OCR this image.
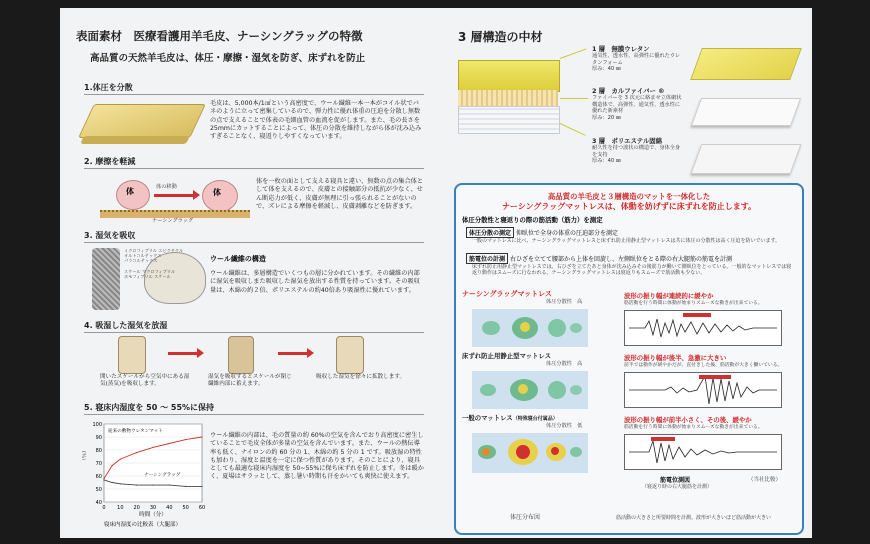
表面素材　医療看護用羊毛皮、ナーシングラッグの特徴
高品質の天然羊毛皮は、体圧・摩擦・湿気を防ぎ、床ずれを防止
1.体圧を分散
毛皮は、5,000本/1㎠という高密度で、ウール繊維一本一本がコイル状でバネのように立って密集しているので、弾力性に優れ体重の圧迫を分散し無数の点で支えることで体表の毛細血管の血流を促がします。また、毛の長さを25mmにカットすることによって、体圧の分散を維持しながら体が沈み込みすぎることなく、寝返りしやすくなっています。
2. 摩擦を軽減
体	体の移動
体
ナーシングラッグ
体を一枚の面として支える寝具と違い、無数の点の集合体として体を支えるので、皮膚との接触部分の抵抗が少なく、せん断応力が低く、皮膚が無理に引っ張られることがないので、ズレによる摩擦を軽減し、皮膚剥離などを防ぎます。
3. 湿気を吸収
ミクロフィブリル エピクチクル
オルトコルテックス
パラコルテックス

スケール マクロフィブリル
ホモフィブリル スケール
ウール繊維の構造
ウール繊維は、多層構造でいくつもの層に分かれています。その繊維の内部に湿気を吸収しまた吸収した湿気を放出する性質を持っています。その吸収量は、木綿の約２倍、ポリエステルの約40倍あり吸湿性に優れています。
4. 吸湿した湿気を放湿
開いたスケールから空気中にある湿気(蒸気)を吸収します。
湿気を吸収するとスケールが閉じ繊維内部に蓄えます。
吸収した湿気を徐々に拡散します。
5. 寝床内湿度を 50 〜 55%に保持
40
50
60
70
80
90
100
0 10 20 30 40 50 60
時間（分）
（％）
従来の敷物ウレタンマット
ナーシングラッグ
寝床内湿度の比較表（大腿部）
ウール繊維の内部は、毛の質量の約 60%の空気を含んでおり高密度に密生していることで毛皮全体が多量の空気を含んでいます。また、ウールの熱伝導率も低く、ナイロンの約 60 分の 1、木綿の約 5 分の 1 です。吸放湿の特性も加わり、湿度と温度を一定に保つ性質があります。そのことにより、寝具としても最適な寝床内湿度を 50~55%に保ち床ずれを防止します。冬は暖かく、夏場はサラッとして、蒸し暑い時期も汗をかいても爽快に使えます。
3 層構造の中材
1 層　無膜ウレタン
通気性、透水性、高弾性に優れたウレタンフォーム
厚み：40 ㎜
2 層　カルファイバー ®
ファイバーを 3 次元に絡ませ立体網状構造体で、高弾性、通気性、透水性に優れた新素材
厚み：20 ㎜
3 層　ポリエステル固綿
耐久性を持つ波状の構造で、身体全身を支持
厚み：40 ㎜
高品質の羊毛皮と３層構造のマットを一体化した
ナーシングラッグマットレスは、体動を妨げずに床ずれを防止します。
体圧分散性と寝返りの際の筋活動（筋力）を測定
体圧分散の測定 仰臥位で全身の体重の圧迫部分を測定
一般のマットレスに比べ、ナーシングラッグマットレスと床ずれ防止用静止型マットレスは共に体圧の分散性は高く圧迫を防いでいます。
筋電位の計測 右ひざを立てて腰部から上体を回旋し、左側臥位をとる際の右大腿筋の筋電を計測
床ずれ防止用静止型マットレスでは、右ひざを立てたあと身体が沈み込みその後筋力が働いて側臥位をとっている。一般的なマットレスでは寝返り動作はスムーズに行なわれる。ナーシングラッグマットレスは寝返りもスムーズで筋活動も少ない。
ナーシングラッグマットレス
体圧分散性　高
床ずれ防止用静止型マットレス
体圧分散性　高
一般のマットレス（特殊寝台付属品）
体圧分散性　低
体圧分布図
波形の振り幅が連続的に緩やか
筋活動を行う時間に体動が始まりスムーズな動きが出来ている。
波形の振り幅が後半、急激に大きい
前半では動作が緩やかだが、直付きした後、筋活動が大きく働いている。
波形の振り幅が前半小さく、その後、緩やか
筋活動を行う時間に体動が始まりスムーズな動きが出来ている。
筋電位測図
（寝返り時の右大腿筋を計測）
（当社比較）
筋活動の大きさと所要時間を計測。波形が大きいほど筋活動が大きい
